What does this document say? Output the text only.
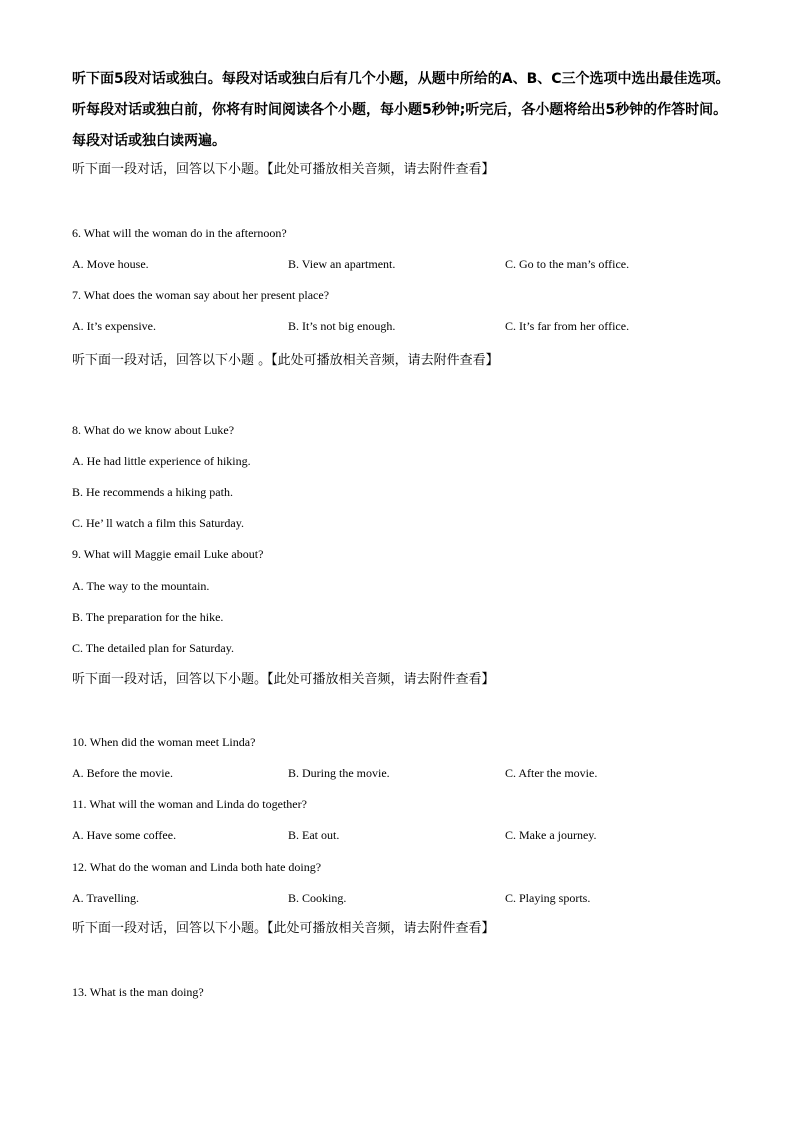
听下面5段对话或独白。每段对话或独白后有几个小题，从题中所给的A、B、C三个选项中选出最佳选项。听每段对话或独白前，你将有时间阅读各个小题，每小题5秒钟;听完后，各小题将给出5秒钟的作答时间。每段对话或独白读两遍。
听下面一段对话，回答以下小题。【此处可播放相关音频，请去附件查看】
6. What will the woman do in the afternoon?
A. Move house.	B. View an apartment.	C. Go to the man’s office.
7. What does the woman say about her present place?
A. It’s expensive.	B. It’s not big enough.	C. It’s far from her office.
听下面一段对话，回答以下小题 。【此处可播放相关音频，请去附件查看】
8. What do we know about Luke?
A. He had little experience of hiking.
B. He recommends a hiking path.
C. He’ ll watch a film this Saturday.
9. What will Maggie email Luke about?
A. The way to the mountain.
B. The preparation for the hike.
C. The detailed plan for Saturday.
听下面一段对话，回答以下小题。【此处可播放相关音频，请去附件查看】
10. When did the woman meet Linda?
A. Before the movie.	B. During the movie.	C. After the movie.
11. What will the woman and Linda do together?
A. Have some coffee.	B. Eat out.	C. Make a journey.
12. What do the woman and Linda both hate doing?
A. Travelling.	B. Cooking.	C. Playing sports.
听下面一段对话，回答以下小题。【此处可播放相关音频，请去附件查看】
13. What is the man doing?
